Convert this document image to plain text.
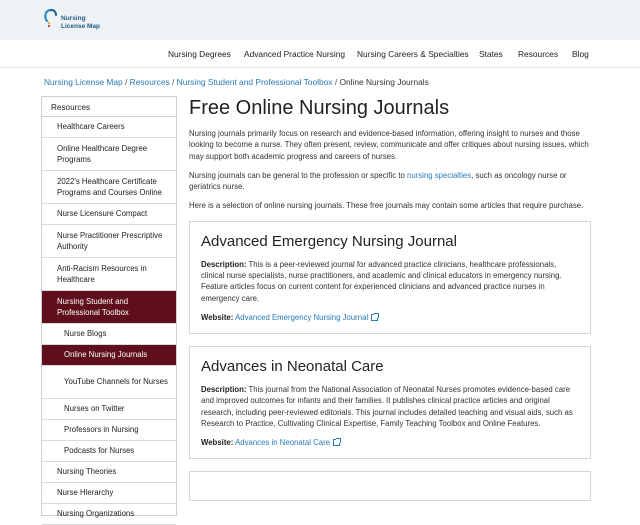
Nursing
License Map
Nursing Degrees Advanced Practice Nursing Nursing Careers & Specialties States Resources Blog
Nursing License Map / Resources / Nursing Student and Professional Toolbox / Online Nursing Journals
Resources
Healthcare Careers
Online Healthcare Degree Programs
2022's Healthcare Certificate Programs and Courses Online
Nurse Licensure Compact
Nurse Practitioner Prescriptive Authority
Anti-Racism Resources in Healthcare
Nursing Student and Professional Toolbox
Nurse Blogs
Online Nursing Journals
YouTube Channels for Nurses
Nurses on Twitter
Professors in Nursing
Podcasts for Nurses
Nursing Theories
Nurse Hierarchy
Nursing Organizations
Free Online Nursing Journals

Nursing journals primarily focus on research and evidence-based information, offering insight to nurses and those looking to become a nurse. They often present, review, communicate and offer critiques about nursing issues, which may support both academic progress and careers of nurses.

Nursing journals can be general to the profession or specific to nursing specialties, such as oncology nurse or geriatrics nurse.

Here is a selection of online nursing journals. These free journals may contain some articles that require purchase.

Advanced Emergency Nursing Journal

Description: This is a peer-reviewed journal for advanced practice clinicians, healthcare professionals, clinical nurse specialists, nurse practitioners, and academic and clinical educators in emergency nursing. Feature articles focus on current content for experienced clinicians and advanced practice nurses in emergency care.

Website: Advanced Emergency Nursing Journal

Advances in Neonatal Care

Description: This journal from the National Association of Neonatal Nurses promotes evidence-based care and improved outcomes for infants and their families. It publishes clinical practice articles and original research, including peer-reviewed editorials. This journal includes detailed teaching and visual aids, such as Research to Practice, Cultivating Clinical Expertise, Family Teaching Toolbox and Online Features.

Website: Advances in Neonatal Care
